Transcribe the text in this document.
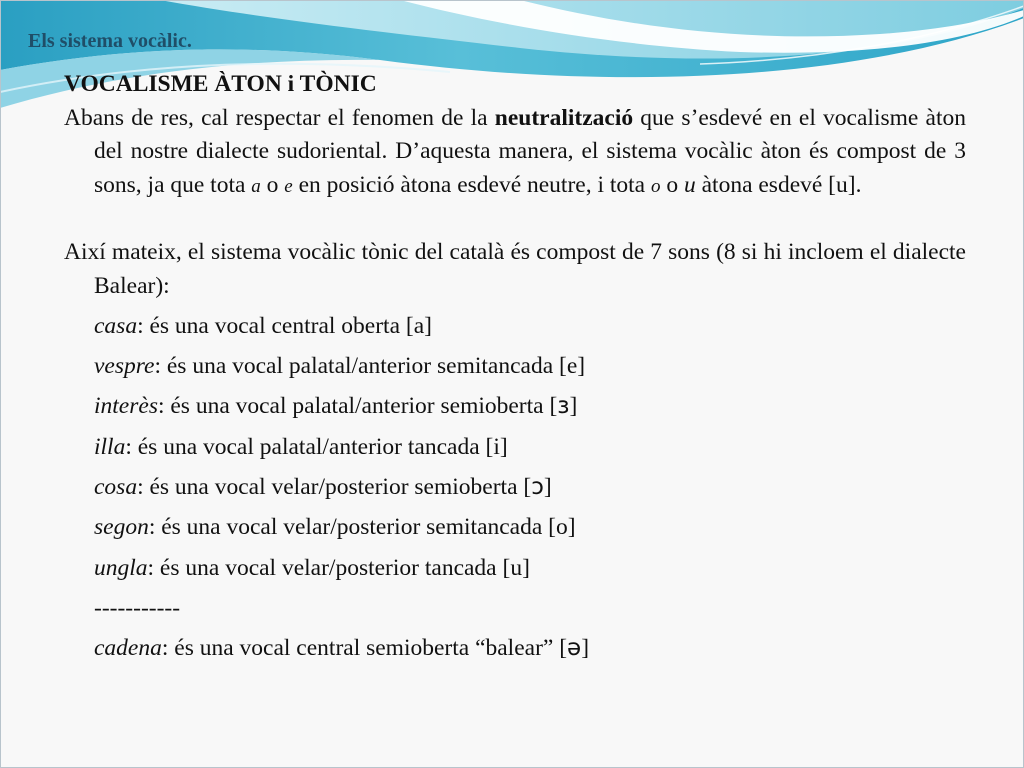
Els sistema vocàlic.

VOCALISME ÀTON i TÒNIC

Abans de res, cal respectar el fenomen de la neutralització que s’esdevé en el vocalisme àton del nostre dialecte sudoriental. D’aquesta manera, el sistema vocàlic àton és compost de 3 sons, ja que tota a o e en posició àtona esdevé neutre, i tota o o u àtona esdevé [u].

Així mateix, el sistema vocàlic tònic del català és compost de 7 sons (8 si hi incloem el dialecte Balear):

casa: és una vocal central oberta [a]

vespre: és una vocal palatal/anterior semitancada [e]

interès: és una vocal palatal/anterior semioberta [ɜ]

illa: és una vocal palatal/anterior tancada [i]

cosa: és una vocal velar/posterior semioberta [ɔ]

segon: és una vocal velar/posterior semitancada [o]

ungla: és una vocal velar/posterior tancada [u]

-----------

cadena: és una vocal central semioberta “balear” [ə]
